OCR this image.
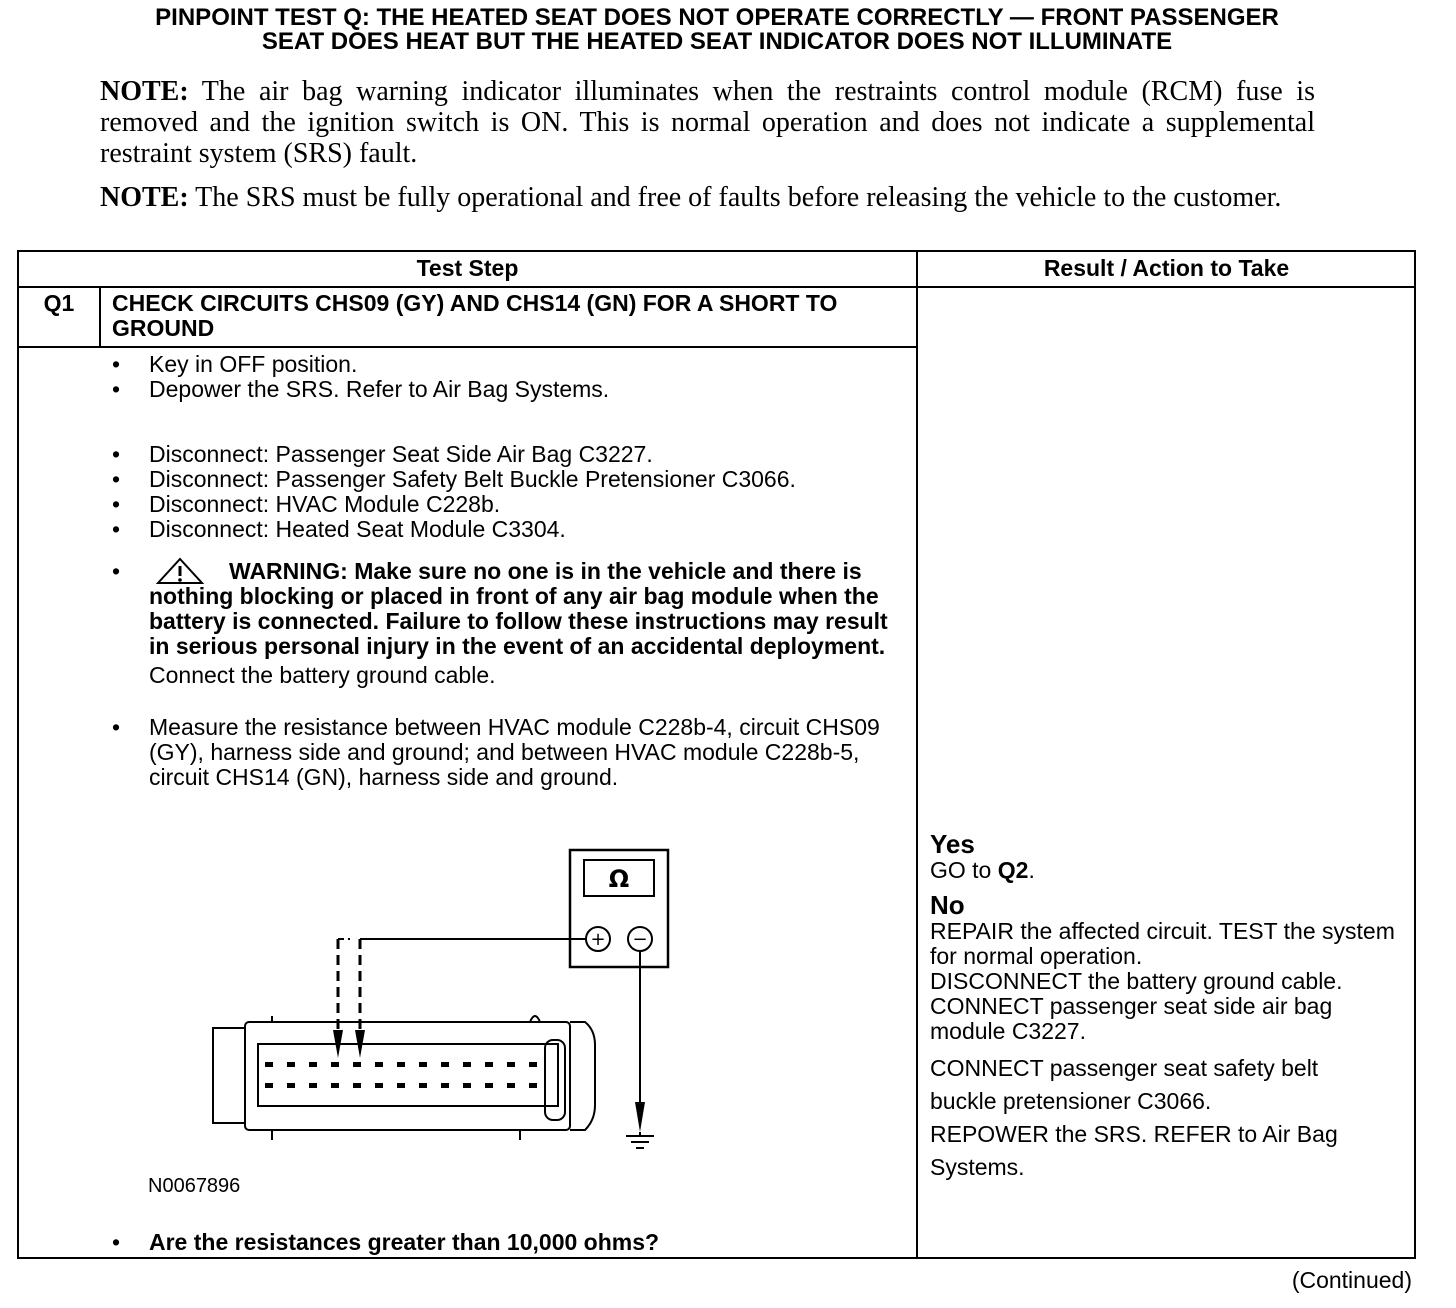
PINPOINT TEST Q: THE HEATED SEAT DOES NOT OPERATE CORRECTLY — FRONT PASSENGER
SEAT DOES HEAT BUT THE HEATED SEAT INDICATOR DOES NOT ILLUMINATE
NOTE: The air bag warning indicator illuminates when the restraints control module (RCM) fuse is removed and the ignition switch is ON. This is normal operation and does not indicate a supplemental restraint system (SRS) fault.
NOTE: The SRS must be fully operational and free of faults before releasing the vehicle to the customer.
Test Step	Result / Action to Take
Q1	CHECK CIRCUITS CHS09 (GY) AND CHS14 (GN) FOR A SHORT TO GROUND
• Key in OFF position.
• Depower the SRS. Refer to Air Bag Systems.
• Disconnect: Passenger Seat Side Air Bag C3227.
• Disconnect: Passenger Safety Belt Buckle Pretensioner C3066.
• Disconnect: HVAC Module C228b.
• Disconnect: Heated Seat Module C3304.
•	WARNING: Make sure no one is in the vehicle and there is nothing blocking or placed in front of any air bag module when the battery is connected. Failure to follow these instructions may result in serious personal injury in the event of an accidental deployment.
Connect the battery ground cable.
• Measure the resistance between HVAC module C228b-4, circuit CHS09 (GY), harness side and ground; and between HVAC module C228b-5, circuit CHS14 (GN), harness side and ground.
Ω
+ −
N0067896
• Are the resistances greater than 10,000 ohms?
Yes
GO to Q2.
No
REPAIR the affected circuit. TEST the system for normal operation.
DISCONNECT the battery ground cable.
CONNECT passenger seat side air bag module C3227.
CONNECT passenger seat safety belt
buckle pretensioner C3066.
REPOWER the SRS. REFER to Air Bag
Systems.
(Continued)
